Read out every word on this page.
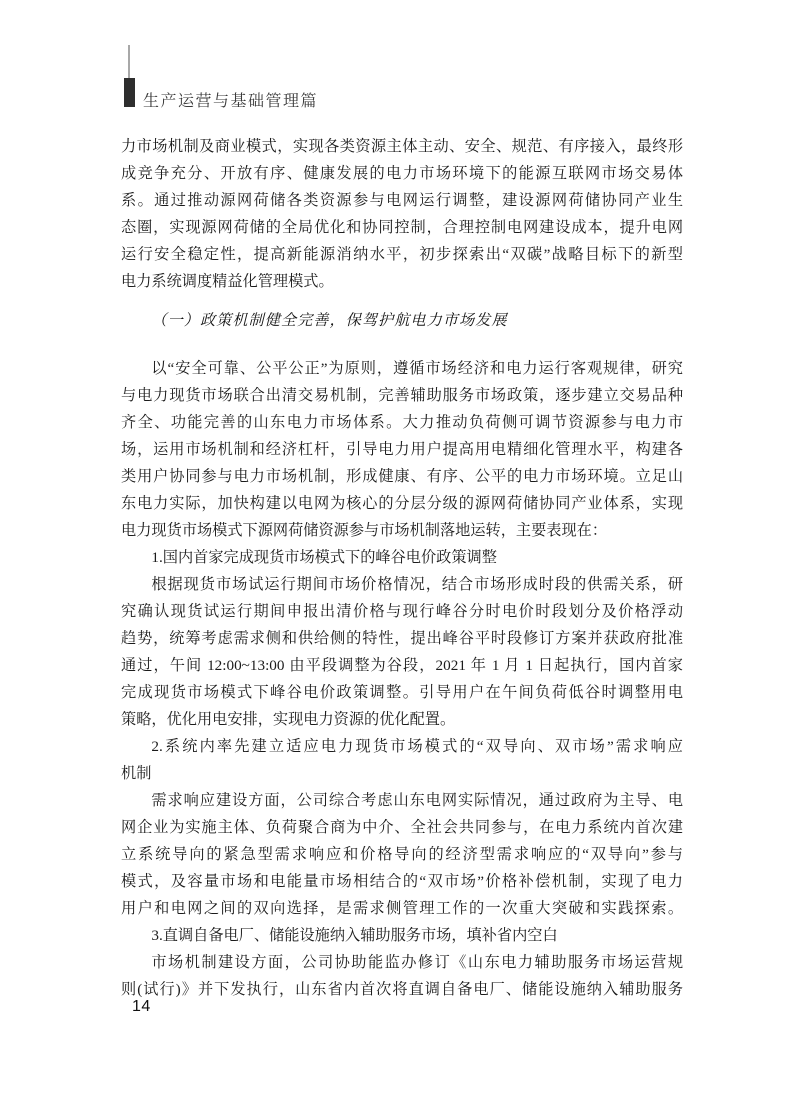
生产运营与基础管理篇
力市场机制及商业模式，实现各类资源主体主动、安全、规范、有序接入，最终形
成竞争充分、开放有序、健康发展的电力市场环境下的能源互联网市场交易体
系。通过推动源网荷储各类资源参与电网运行调整，建设源网荷储协同产业生
态圈，实现源网荷储的全局优化和协同控制，合理控制电网建设成本，提升电网
运行安全稳定性，提高新能源消纳水平，初步探索出“双碳”战略目标下的新型
电力系统调度精益化管理模式。
（一）政策机制健全完善，保驾护航电力市场发展
以“安全可靠、公平公正”为原则，遵循市场经济和电力运行客观规律，研究
与电力现货市场联合出清交易机制，完善辅助服务市场政策，逐步建立交易品种
齐全、功能完善的山东电力市场体系。大力推动负荷侧可调节资源参与电力市
场，运用市场机制和经济杠杆，引导电力用户提高用电精细化管理水平，构建各
类用户协同参与电力市场机制，形成健康、有序、公平的电力市场环境。立足山
东电力实际，加快构建以电网为核心的分层分级的源网荷储协同产业体系，实现
电力现货市场模式下源网荷储资源参与市场机制落地运转，主要表现在：
1.国内首家完成现货市场模式下的峰谷电价政策调整
根据现货市场试运行期间市场价格情况，结合市场形成时段的供需关系，研
究确认现货试运行期间申报出清价格与现行峰谷分时电价时段划分及价格浮动
趋势，统筹考虑需求侧和供给侧的特性，提出峰谷平时段修订方案并获政府批准
通过，午间 12:00~13:00 由平段调整为谷段，2021 年 1 月 1 日起执行，国内首家
完成现货市场模式下峰谷电价政策调整。引导用户在午间负荷低谷时调整用电
策略，优化用电安排，实现电力资源的优化配置。
2.系统内率先建立适应电力现货市场模式的“双导向、双市场”需求响应
机制
需求响应建设方面，公司综合考虑山东电网实际情况，通过政府为主导、电
网企业为实施主体、负荷聚合商为中介、全社会共同参与，在电力系统内首次建
立系统导向的紧急型需求响应和价格导向的经济型需求响应的“双导向”参与
模式，及容量市场和电能量市场相结合的“双市场”价格补偿机制，实现了电力
用户和电网之间的双向选择，是需求侧管理工作的一次重大突破和实践探索。
3.直调自备电厂、储能设施纳入辅助服务市场，填补省内空白
市场机制建设方面，公司协助能监办修订《山东电力辅助服务市场运营规
则(试行)》并下发执行，山东省内首次将直调自备电厂、储能设施纳入辅助服务
14
